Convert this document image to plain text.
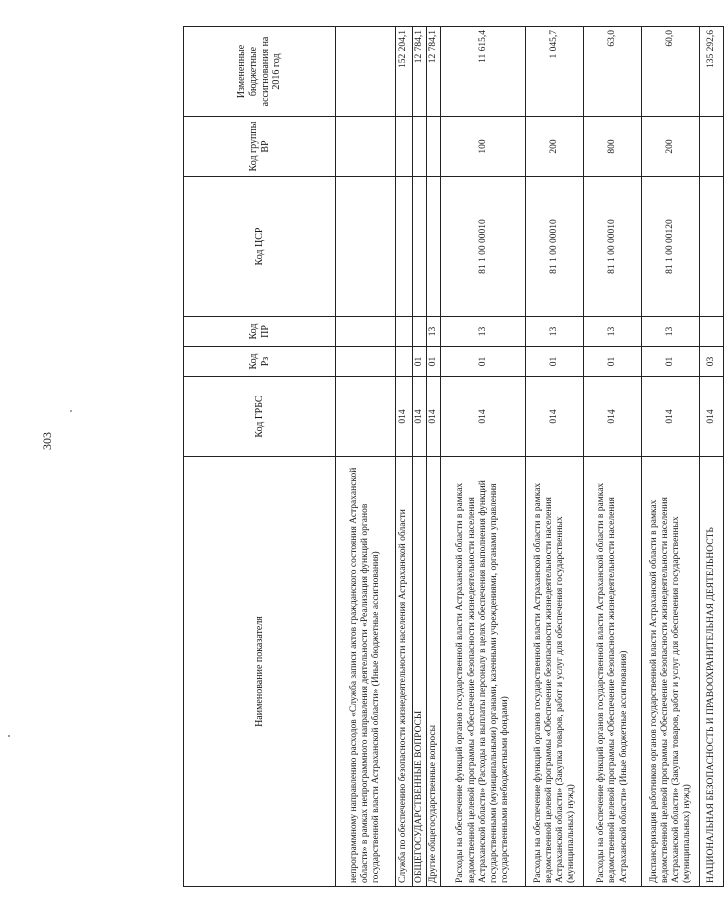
303
Наименование показателя	Код ГРБС	Код Рз	Код ПР	Код ЦСР	Код группы ВР	Измененные бюджетные ассигнования на 2016 год
непрограммному направлению расходов «Служба записи актов гражданского состояния Астраханской области» в рамках непрограммного направления деятельности «Реализация функций органов государственной власти Астраханской области» (Иные бюджетные ассигнования)						
Служба по обеспечению безопасности жизнедеятельности населения Астраханской области	014					152 204,1
ОБЩЕГОСУДАРСТВЕННЫЕ ВОПРОСЫ	014	01				12 784,1
Другие общегосударственные вопросы	014	01	13			12 784,1
Расходы на обеспечение функций органов государственной власти Астраханской области в рамках ведомственной целевой программы «Обеспечение безопасности жизнедеятельности населения Астраханской области» (Расходы на выплаты персоналу в целях обеспечения выполнения функций государственными (муниципальными) органами, казенными учреждениями, органами управления государственными внебюджетными фондами)	014	01	13	81 1 00 00010	100	11 615,4
Расходы на обеспечение функций органов государственной власти Астраханской области в рамках ведомственной целевой программы «Обеспечение безопасности жизнедеятельности населения Астраханской области» (Закупка товаров, работ и услуг для обеспечения государственных (муниципальных) нужд)	014	01	13	81 1 00 00010	200	1 045,7
Расходы на обеспечение функций органов государственной власти Астраханской области в рамках ведомственной целевой программы «Обеспечение безопасности жизнедеятельности населения Астраханской области» (Иные бюджетные ассигнования)	014	01	13	81 1 00 00010	800	63,0
Диспансеризация работников органов государственной власти Астраханской области в рамках ведомственной целевой программы «Обеспечение безопасности жизнедеятельности населения Астраханской области» (Закупка товаров, работ и услуг для обеспечения государственных (муниципальных) нужд)	014	01	13	81 1 00 00120	200	60,0
НАЦИОНАЛЬНАЯ БЕЗОПАСНОСТЬ И ПРАВООХРАНИТЕЛЬНАЯ ДЕЯТЕЛЬНОСТЬ	014	03				135 292,6
